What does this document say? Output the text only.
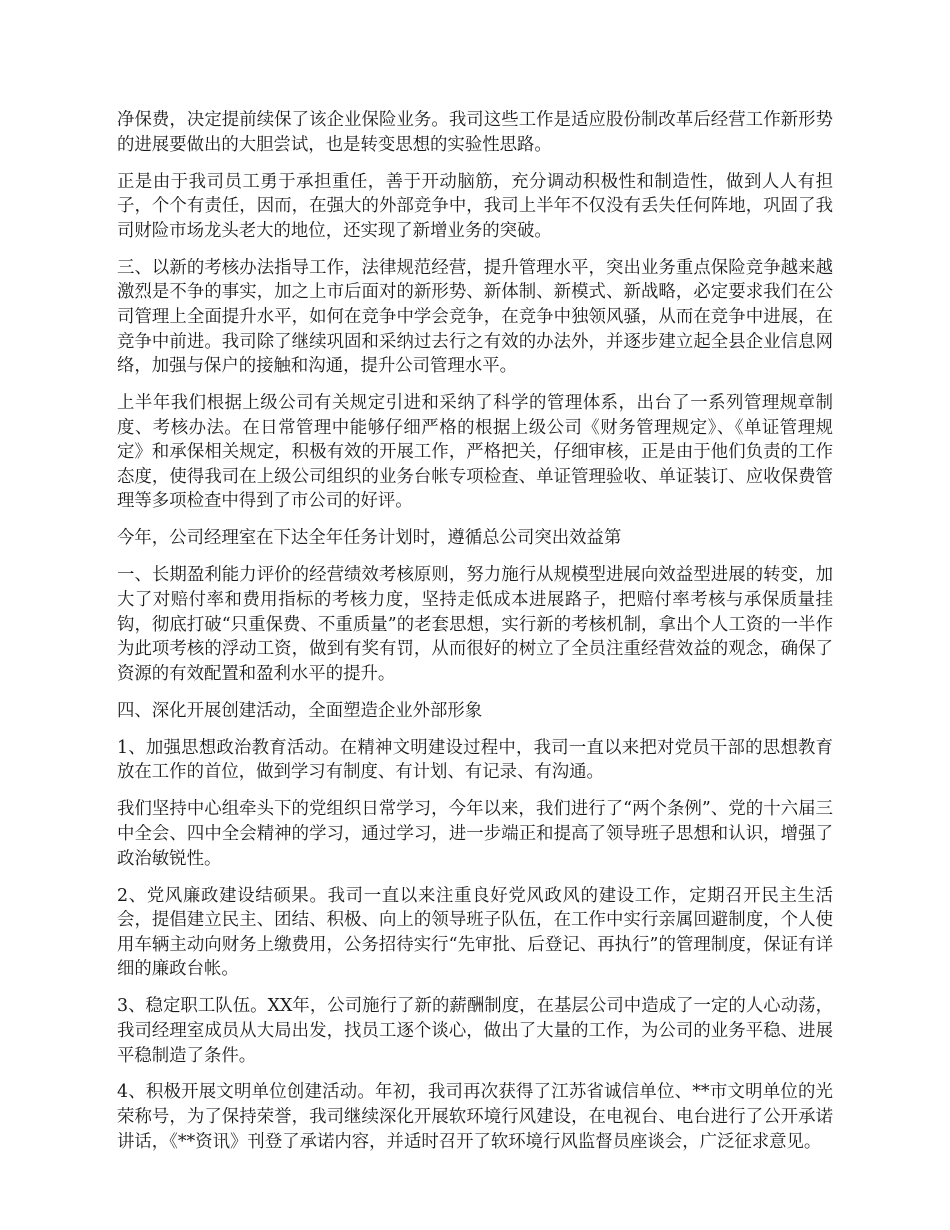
净保费，决定提前续保了该企业保险业务。我司这些工作是适应股份制改革后经营工作新形势的进展要做出的大胆尝试，也是转变思想的实验性思路。

正是由于我司员工勇于承担重任，善于开动脑筋，充分调动积极性和制造性，做到人人有担子，个个有责任，因而，在强大的外部竞争中，我司上半年不仅没有丢失任何阵地，巩固了我司财险市场龙头老大的地位，还实现了新增业务的突破。

三、以新的考核办法指导工作，法律规范经营，提升管理水平，突出业务重点保险竞争越来越激烈是不争的事实，加之上市后面对的新形势、新体制、新模式、新战略，必定要求我们在公司管理上全面提升水平，如何在竞争中学会竞争，在竞争中独领风骚，从而在竞争中进展，在竞争中前进。我司除了继续巩固和采纳过去行之有效的办法外，并逐步建立起全县企业信息网络，加强与保户的接触和沟通，提升公司管理水平。

上半年我们根据上级公司有关规定引进和采纳了科学的管理体系，出台了一系列管理规章制度、考核办法。在日常管理中能够仔细严格的根据上级公司《财务管理规定》、《单证管理规定》和承保相关规定，积极有效的开展工作，严格把关，仔细审核，正是由于他们负责的工作态度，使得我司在上级公司组织的业务台帐专项检查、单证管理验收、单证装订、应收保费管理等多项检查中得到了市公司的好评。

今年，公司经理室在下达全年任务计划时，遵循总公司突出效益第

一、长期盈利能力评价的经营绩效考核原则，努力施行从规模型进展向效益型进展的转变，加大了对赔付率和费用指标的考核力度，坚持走低成本进展路子，把赔付率考核与承保质量挂钩，彻底打破“只重保费、不重质量”的老套思想，实行新的考核机制，拿出个人工资的一半作为此项考核的浮动工资，做到有奖有罚，从而很好的树立了全员注重经营效益的观念，确保了资源的有效配置和盈利水平的提升。

四、深化开展创建活动，全面塑造企业外部形象

1、加强思想政治教育活动。在精神文明建设过程中，我司一直以来把对党员干部的思想教育放在工作的首位，做到学习有制度、有计划、有记录、有沟通。

我们坚持中心组牵头下的党组织日常学习，今年以来，我们进行了“两个条例”、党的十六届三中全会、四中全会精神的学习，通过学习，进一步端正和提高了领导班子思想和认识，增强了政治敏锐性。

2、党风廉政建设结硕果。我司一直以来注重良好党风政风的建设工作，定期召开民主生活会，提倡建立民主、团结、积极、向上的领导班子队伍，在工作中实行亲属回避制度，个人使用车辆主动向财务上缴费用，公务招待实行“先审批、后登记、再执行”的管理制度，保证有详细的廉政台帐。

3、稳定职工队伍。XX年，公司施行了新的薪酬制度，在基层公司中造成了一定的人心动荡，我司经理室成员从大局出发，找员工逐个谈心，做出了大量的工作，为公司的业务平稳、进展平稳制造了条件。

4、积极开展文明单位创建活动。年初，我司再次获得了江苏省诚信单位、**市文明单位的光荣称号，为了保持荣誉，我司继续深化开展软环境行风建设，在电视台、电台进行了公开承诺讲话，《**资讯》刊登了承诺内容，并适时召开了软环境行风监督员座谈会，广泛征求意见。
